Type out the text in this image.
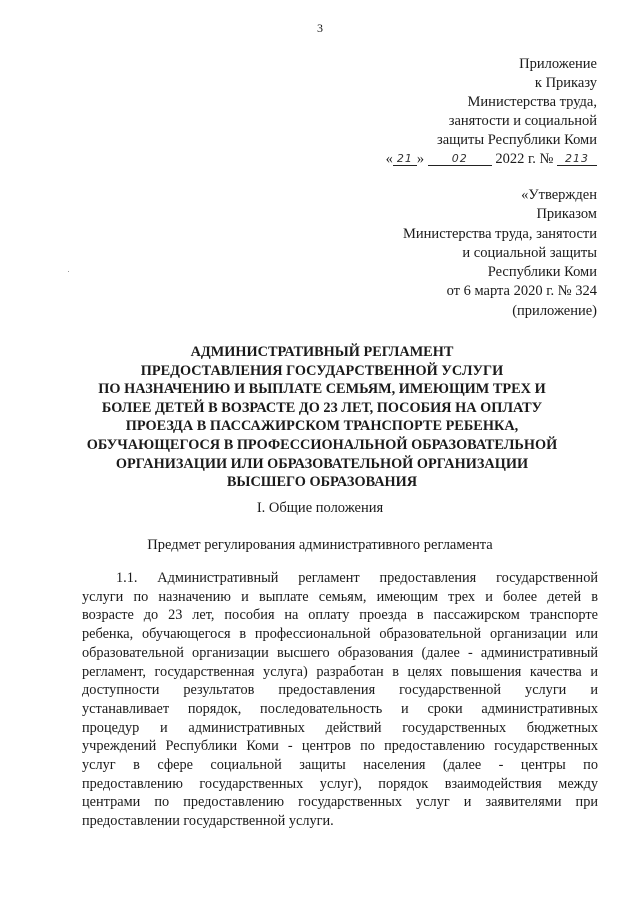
3
Приложение
к Приказу
Министерства труда,
занятости и социальной
защиты Республики Коми
« 21 »	02 2022 г. № 213
«Утвержден
Приказом
Министерства труда, занятости
и социальной защиты
Республики Коми
от 6 марта 2020 г. № 324
(приложение)
АДМИНИСТРАТИВНЫЙ РЕГЛАМЕНТ
ПРЕДОСТАВЛЕНИЯ ГОСУДАРСТВЕННОЙ УСЛУГИ
ПО НАЗНАЧЕНИЮ И ВЫПЛАТЕ СЕМЬЯМ, ИМЕЮЩИМ ТРЕХ И
БОЛЕЕ ДЕТЕЙ В ВОЗРАСТЕ ДО 23 ЛЕТ, ПОСОБИЯ НА ОПЛАТУ
ПРОЕЗДА В ПАССАЖИРСКОМ ТРАНСПОРТЕ РЕБЕНКА,
ОБУЧАЮЩЕГОСЯ В ПРОФЕССИОНАЛЬНОЙ ОБРАЗОВАТЕЛЬНОЙ
ОРГАНИЗАЦИИ ИЛИ ОБРАЗОВАТЕЛЬНОЙ ОРГАНИЗАЦИИ
ВЫСШЕГО ОБРАЗОВАНИЯ
I. Общие положения
Предмет регулирования административного регламента
1.1. Административный регламент предоставления государственной
услуги по назначению и выплате семьям, имеющим трех и более детей в
возрасте до 23 лет, пособия на оплату проезда в пассажирском транспорте
ребенка, обучающегося в профессиональной образовательной организации или
образовательной организации высшего образования (далее - административный
регламент, государственная услуга) разработан в целях повышения качества и
доступности результатов предоставления государственной услуги и
устанавливает порядок, последовательность и сроки административных
процедур и административных действий государственных бюджетных
учреждений Республики Коми - центров по предоставлению государственных
услуг в сфере социальной защиты населения (далее - центры по
предоставлению государственных услуг), порядок взаимодействия между
центрами по предоставлению государственных услуг и заявителями при
предоставлении государственной услуги.
